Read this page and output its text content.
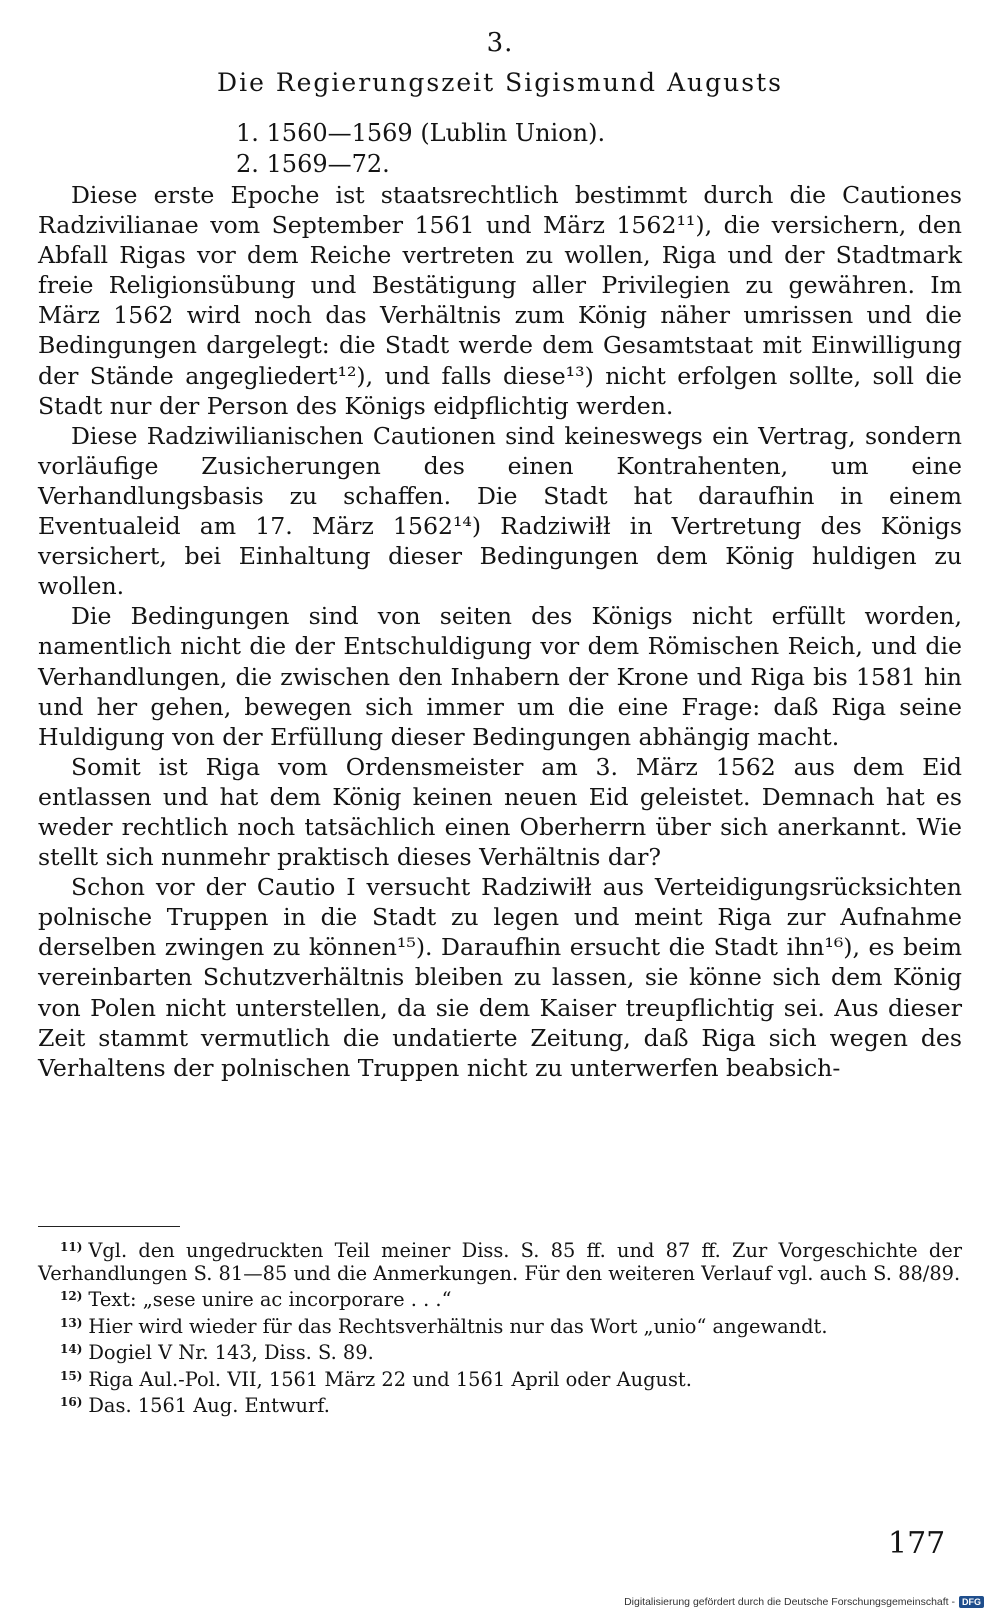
3.
Die Regierungszeit Sigismund Augusts
1. 1560—1569 (Lublin Union).
2. 1569—72.

Diese erste Epoche ist staatsrechtlich bestimmt durch die Cautiones Radzivilianae vom September 1561 und März 1562¹¹), die versichern, den Abfall Rigas vor dem Reiche vertreten zu wollen, Riga und der Stadtmark freie Religionsübung und Bestätigung aller Privilegien zu gewähren. Im März 1562 wird noch das Verhältnis zum König näher umrissen und die Bedingungen dargelegt: die Stadt werde dem Gesamtstaat mit Einwilligung der Stände angegliedert¹²), und falls diese¹³) nicht erfolgen sollte, soll die Stadt nur der Person des Königs eidpflichtig werden.

Diese Radziwilianischen Cautionen sind keineswegs ein Vertrag, sondern vorläufige Zusicherungen des einen Kontrahenten, um eine Verhandlungsbasis zu schaffen. Die Stadt hat daraufhin in einem Eventualeid am 17. März 1562¹⁴) Radziwiłł in Vertretung des Königs versichert, bei Einhaltung dieser Bedingungen dem König huldigen zu wollen.

Die Bedingungen sind von seiten des Königs nicht erfüllt worden, namentlich nicht die der Entschuldigung vor dem Römischen Reich, und die Verhandlungen, die zwischen den Inhabern der Krone und Riga bis 1581 hin und her gehen, bewegen sich immer um die eine Frage: daß Riga seine Huldigung von der Erfüllung dieser Bedingungen abhängig macht.

Somit ist Riga vom Ordensmeister am 3. März 1562 aus dem Eid entlassen und hat dem König keinen neuen Eid geleistet. Demnach hat es weder rechtlich noch tatsächlich einen Oberherrn über sich anerkannt. Wie stellt sich nunmehr praktisch dieses Verhältnis dar?

Schon vor der Cautio I versucht Radziwiłł aus Verteidigungsrücksichten polnische Truppen in die Stadt zu legen und meint Riga zur Aufnahme derselben zwingen zu können¹⁵). Daraufhin ersucht die Stadt ihn¹⁶), es beim vereinbarten Schutzverhältnis bleiben zu lassen, sie könne sich dem König von Polen nicht unterstellen, da sie dem Kaiser treupflichtig sei. Aus dieser Zeit stammt vermutlich die undatierte Zeitung, daß Riga sich wegen des Verhaltens der polnischen Truppen nicht zu unterwerfen beabsich-

$^{11)}$ Vgl. den ungedruckten Teil meiner Diss. S. 85 ff. und 87 ff. Zur Vorgeschichte der Verhandlungen S. 81—85 und die Anmerkungen. Für den weiteren Verlauf vgl. auch S. 88/89.

$^{12)}$ Text: „sese unire ac incorporare . . .“

$^{13)}$ Hier wird wieder für das Rechtsverhältnis nur das Wort „unio“ angewandt.

$^{14)}$ Dogiel V Nr. 143, Diss. S. 89.

$^{15)}$ Riga Aul.-Pol. VII, 1561 März 22 und 1561 April oder August.

$^{16)}$ Das. 1561 Aug. Entwurf.

177
Digitalisierung gefördert durch die Deutsche Forschungsgemeinschaft - DFG
